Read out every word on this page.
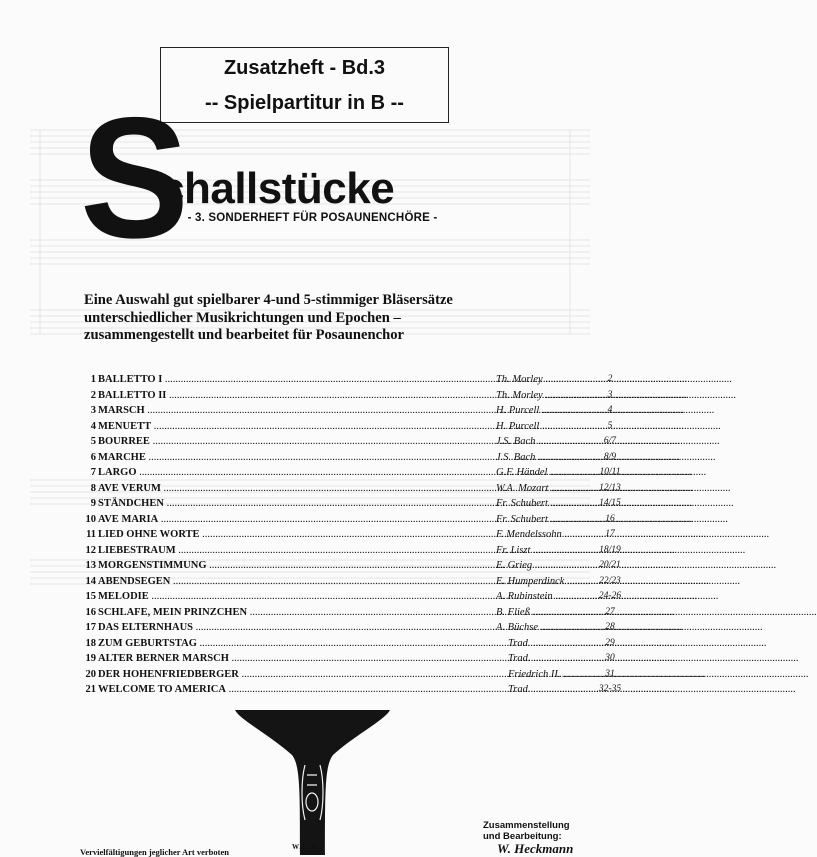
Zusatzheft - Bd.3
-- Spielpartitur in B --
S
challstücke
- 3. SONDERHEFT FÜR POSAUNENCHÖRE -
Eine Auswahl gut spielbarer 4-und 5-stimmiger Bläsersätze
unterschiedlicher Musikrichtungen und Epochen –
zusammengestellt und bearbeitet für Posaunenchor
1 BALLETTO I .....	Th. Morley .....	2
2 BALLETTO II .....	Th. Morley .....	3
3 MARSCH .....	H. Purcell .....	4
4 MENUETT .....	H. Purcell .....	5
5 BOURREE .....	J.S. Bach .....	6/7
6 MARCHE .....	J.S. Bach .....	8/9
7 LARGO .....	G.F. Händel .....	10/11
8 AVE VERUM .....	W.A. Mozart .....	12/13
9 STÄNDCHEN .....	Fr. Schubert .....	14/15
10 AVE MARIA .....	Fr. Schubert .....	16
11 LIED OHNE WORTE .....	F. Mendelssohn .....	17
12 LIEBESTRAUM .....	Fr. Liszt .....	18/19
13 MORGENSTIMMUNG .....	E. Grieg .....	20/21
14 ABENDSEGEN .....	E. Humperdinck .....	22/23
15 MELODIE .....	A. Rubinstein .....	24-26
16 SCHLAFE, MEIN PRINZCHEN .....	B. Fließ .....	27
17 DAS ELTERNHAUS .....	A. Büchse .....	28
18 ZUM GEBURTSTAG .....	Trad. .....	29
19 ALTER BERNER MARSCH .....	Trad. .....	30
20 DER HOHENFRIEDBERGER .....	Friedrich II. .....	31
21 WELCOME TO AMERICA .....	Trad. .....	32-35
W.H.M.
Zusammenstellung
und Bearbeitung:
W. Heckmann
Vervielfältigungen jeglicher Art verboten
